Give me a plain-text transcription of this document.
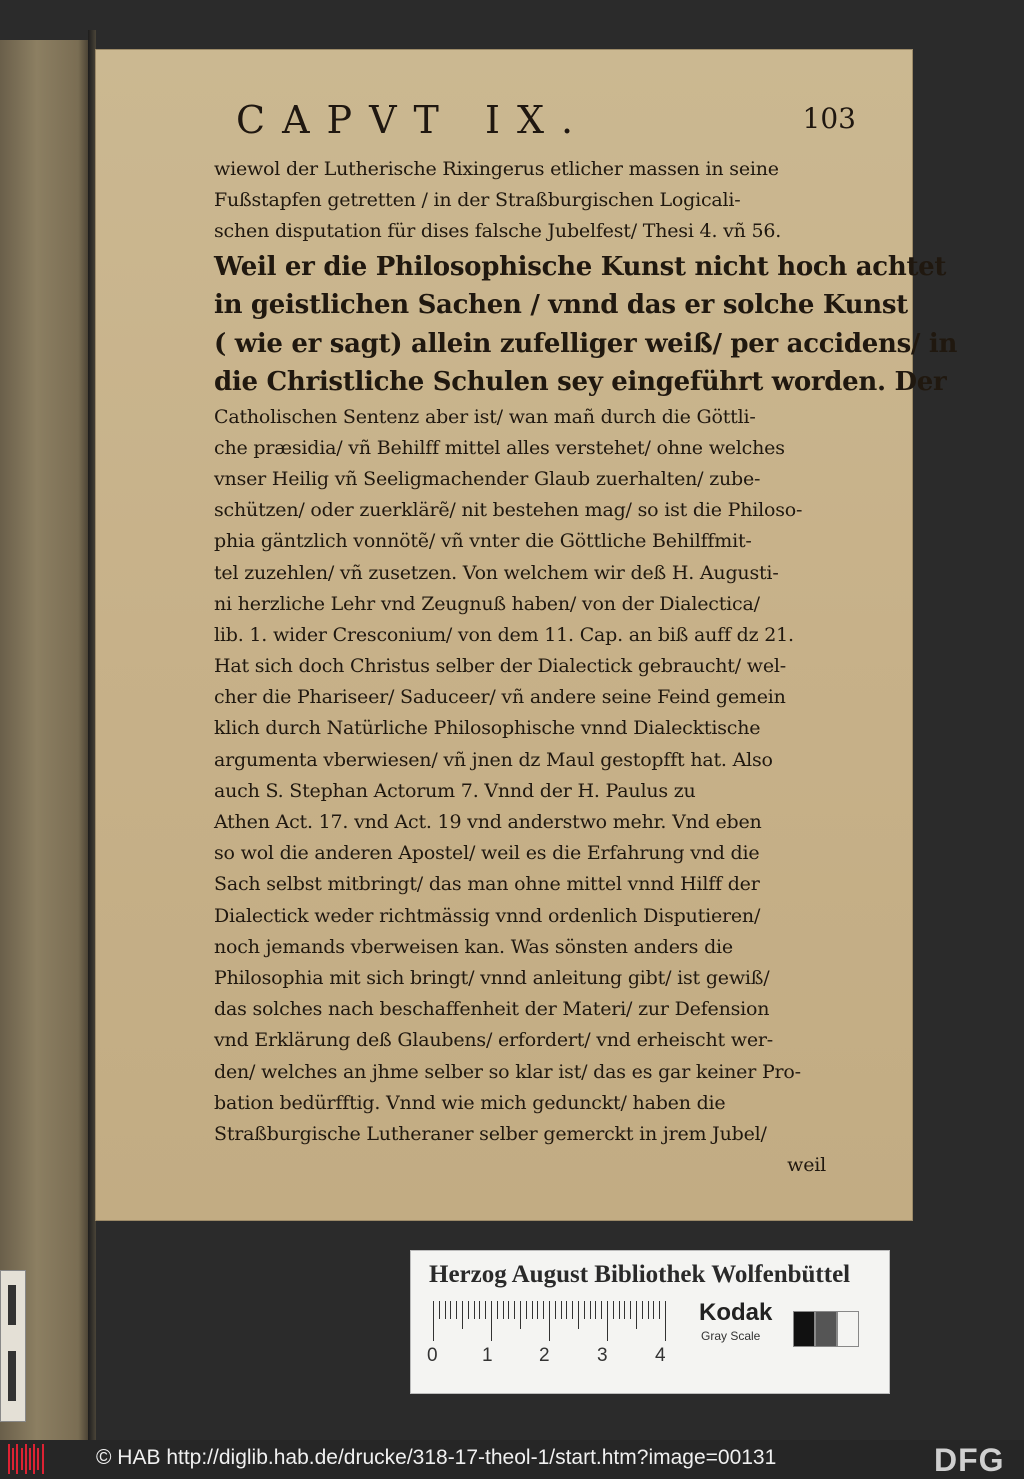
CAPVT IX.	103
wiewol der Lutherische Rixingerus etlicher massen in seine
Fußstapfen getretten / in der Straßburgischen Logicali-
schen disputation für dises falsche Jubelfest/ Thesi 4. vñ 56.
Weil er die Philosophische Kunst nicht hoch achtet
in geistlichen Sachen / vnnd das er solche Kunst
( wie er sagt) allein zufelliger weiß/ per accidens/ in
die Christliche Schulen sey eingeführt worden. Der
Catholischen Sentenz aber ist/ wan mañ durch die Göttli-
che præsidia/ vñ Behilff mittel alles verstehet/ ohne welches
vnser Heilig vñ Seeligmachender Glaub zuerhalten/ zube-
schützen/ oder zuerklärẽ/ nit bestehen mag/ so ist die Philoso-
phia gäntzlich vonnötẽ/ vñ vnter die Göttliche Behilffmit-
tel zuzehlen/ vñ zusetzen. Von welchem wir deß H. Augusti-
ni herzliche Lehr vnd Zeugnuß haben/ von der Dialectica/
lib. 1. wider Cresconium/ von dem 11. Cap. an biß auff dz 21.
Hat sich doch Christus selber der Dialectick gebraucht/ wel-
cher die Phariseer/ Saduceer/ vñ andere seine Feind gemein
klich durch Natürliche Philosophische vnnd Dialecktische
argumenta vberwiesen/ vñ jnen dz Maul gestopfft hat. Also
auch S. Stephan Actorum 7. Vnnd der H. Paulus zu
Athen Act. 17. vnd Act. 19 vnd anderstwo mehr. Vnd eben
so wol die anderen Apostel/ weil es die Erfahrung vnd die
Sach selbst mitbringt/ das man ohne mittel vnnd Hilff der
Dialectick weder richtmässig vnnd ordenlich Disputieren/
noch jemands vberweisen kan. Was sönsten anders die
Philosophia mit sich bringt/ vnnd anleitung gibt/ ist gewiß/
das solches nach beschaffenheit der Materi/ zur Defension
vnd Erklärung deß Glaubens/ erfordert/ vnd erheischt wer-
den/ welches an jhme selber so klar ist/ das es gar keiner Pro-
bation bedürfftig. Vnnd wie mich gedunckt/ haben die
Straßburgische Lutheraner selber gemerckt in jrem Jubel/
weil
Herzog August Bibliothek Wolfenbüttel
0 1 2 3 4
Kodak
Gray Scale
© HAB http://diglib.hab.de/drucke/318-17-theol-1/start.htm?image=00131	DFG
